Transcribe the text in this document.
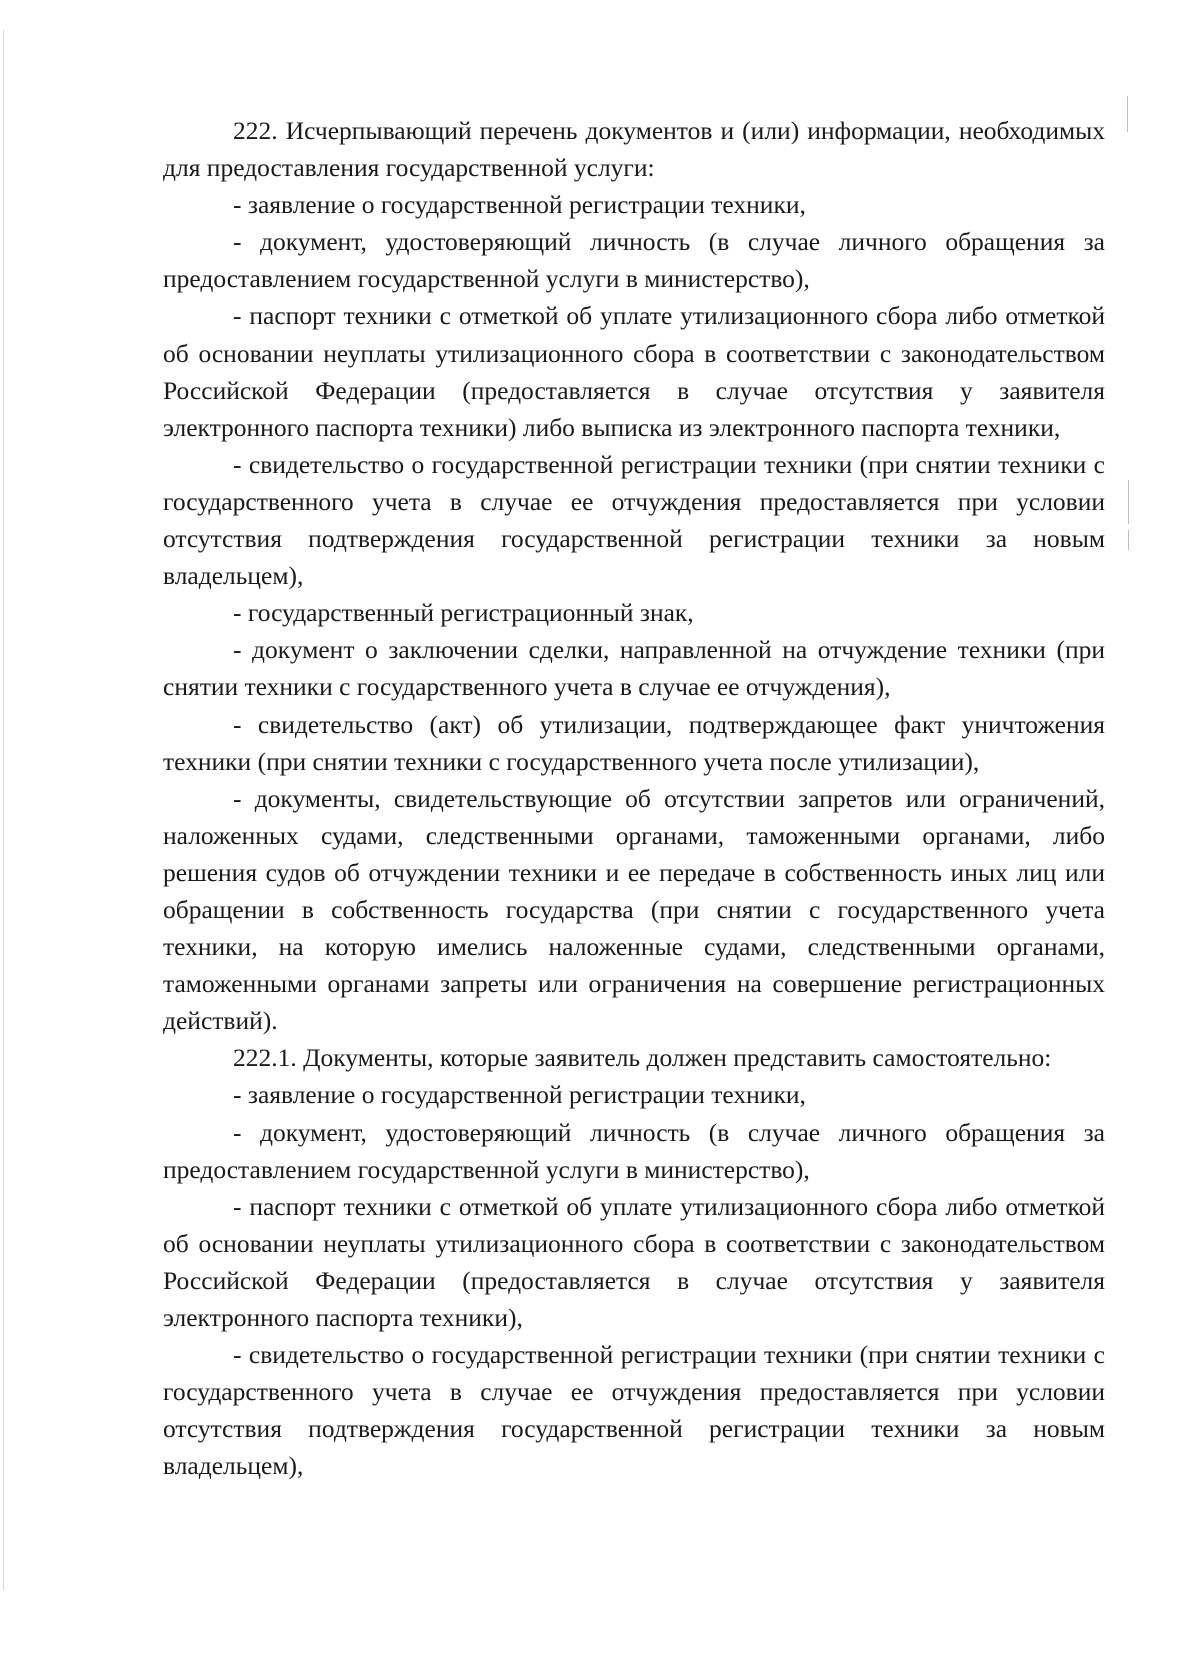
222. Исчерпывающий перечень документов и (или) информации, необходимых для предоставления государственной услуги:

- заявление о государственной регистрации техники,

- документ, удостоверяющий личность (в случае личного обращения за предоставлением государственной услуги в министерство),

- паспорт техники с отметкой об уплате утилизационного сбора либо отметкой об основании неуплаты утилизационного сбора в соответствии с законодательством Российской Федерации (предоставляется в случае отсутствия у заявителя электронного паспорта техники) либо выписка из электронного паспорта техники,

- свидетельство о государственной регистрации техники (при снятии техники с государственного учета в случае ее отчуждения предоставляется при условии отсутствия подтверждения государственной регистрации техники за новым владельцем),

- государственный регистрационный знак,

- документ о заключении сделки, направленной на отчуждение техники (при снятии техники с государственного учета в случае ее отчуждения),

- свидетельство (акт) об утилизации, подтверждающее факт уничтожения техники (при снятии техники с государственного учета после утилизации),

- документы, свидетельствующие об отсутствии запретов или ограничений, наложенных судами, следственными органами, таможенными органами, либо решения судов об отчуждении техники и ее передаче в собственность иных лиц или обращении в собственность государства (при снятии с государственного учета техники, на которую имелись наложенные судами, следственными органами, таможенными органами запреты или ограничения на совершение регистрационных действий).

222.1. Документы, которые заявитель должен представить самостоятельно:

- заявление о государственной регистрации техники,

- документ, удостоверяющий личность (в случае личного обращения за предоставлением государственной услуги в министерство),

- паспорт техники с отметкой об уплате утилизационного сбора либо отметкой об основании неуплаты утилизационного сбора в соответствии с законодательством Российской Федерации (предоставляется в случае отсутствия у заявителя электронного паспорта техники),

- свидетельство о государственной регистрации техники (при снятии техники с государственного учета в случае ее отчуждения предоставляется при условии отсутствия подтверждения государственной регистрации техники за новым владельцем),
